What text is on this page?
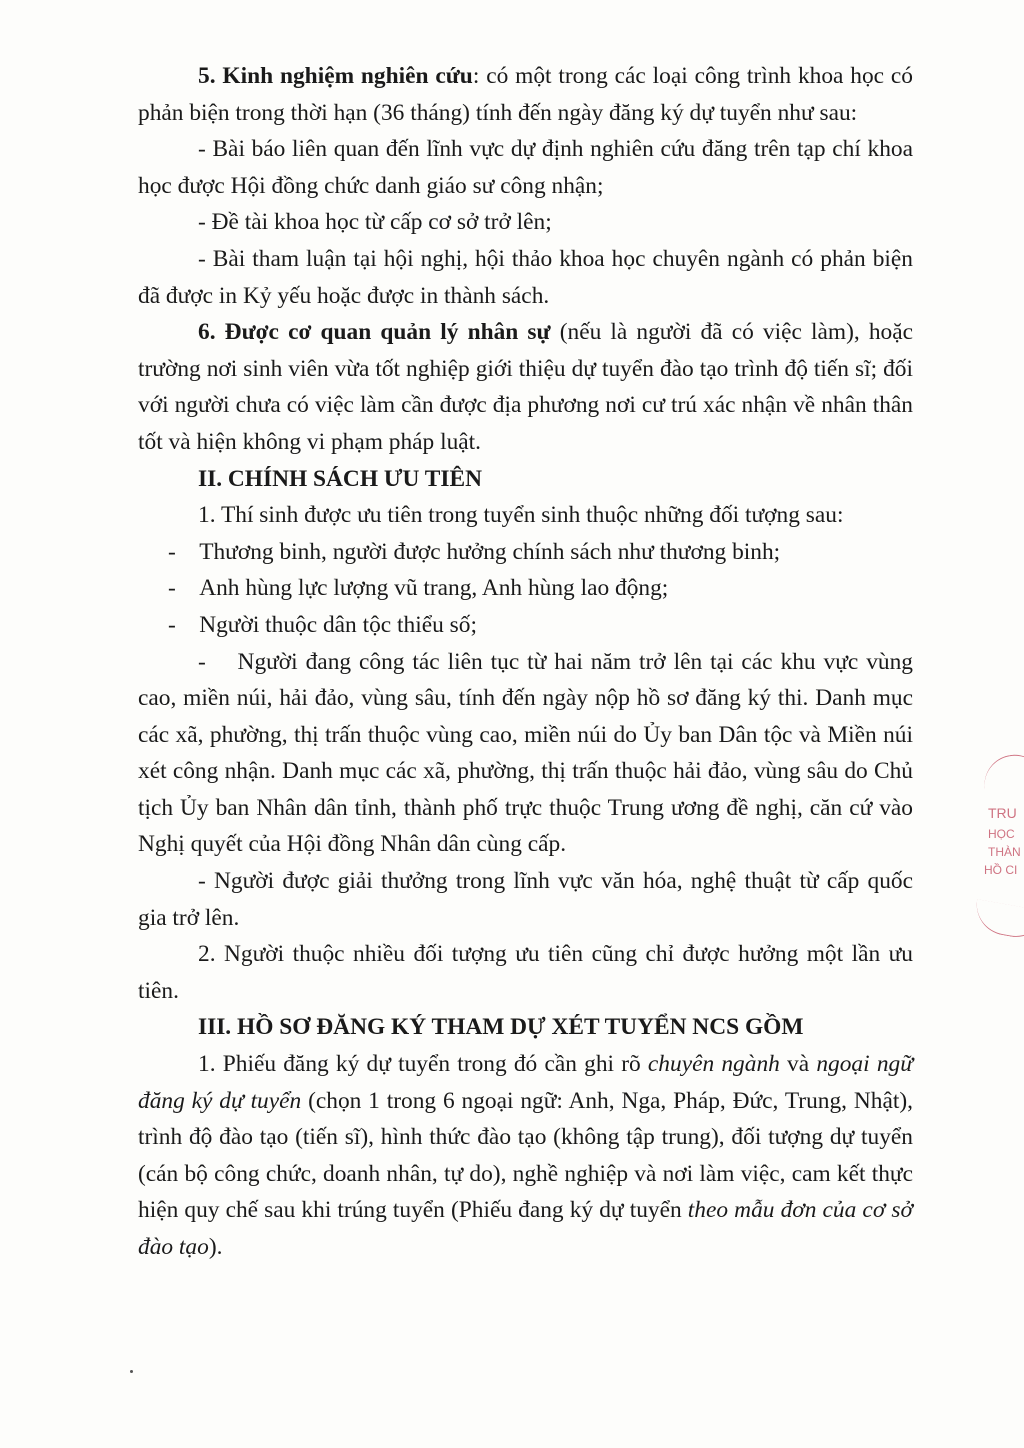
5. Kinh nghiệm nghiên cứu: có một trong các loại công trình khoa học có phản biện trong thời hạn (36 tháng) tính đến ngày đăng ký dự tuyển như sau:

- Bài báo liên quan đến lĩnh vực dự định nghiên cứu đăng trên tạp chí khoa học được Hội đồng chức danh giáo sư công nhận;

- Đề tài khoa học từ cấp cơ sở trở lên;

- Bài tham luận tại hội nghị, hội thảo khoa học chuyên ngành có phản biện đã được in Kỷ yếu hoặc được in thành sách.

6. Được cơ quan quản lý nhân sự (nếu là người đã có việc làm), hoặc trường nơi sinh viên vừa tốt nghiệp giới thiệu dự tuyển đào tạo trình độ tiến sĩ; đối với người chưa có việc làm cần được địa phương nơi cư trú xác nhận về nhân thân tốt và hiện không vi phạm pháp luật.

II. CHÍNH SÁCH ƯU TIÊN

1. Thí sinh được ưu tiên trong tuyển sinh thuộc những đối tượng sau:

-    Thương binh, người được hưởng chính sách như thương binh;

-    Anh hùng lực lượng vũ trang, Anh hùng lao động;

-    Người thuộc dân tộc thiểu số;

-    Người đang công tác liên tục từ hai năm trở lên tại các khu vực vùng cao, miền núi, hải đảo, vùng sâu, tính đến ngày nộp hồ sơ đăng ký thi. Danh mục các xã, phường, thị trấn thuộc vùng cao, miền núi do Ủy ban Dân tộc và Miền núi xét công nhận. Danh mục các xã, phường, thị trấn thuộc hải đảo, vùng sâu do Chủ tịch Ủy ban Nhân dân tỉnh, thành phố trực thuộc Trung ương đề nghị, căn cứ vào Nghị quyết của Hội đồng Nhân dân cùng cấp.

- Người được giải thưởng trong lĩnh vực văn hóa, nghệ thuật từ cấp quốc gia trở lên.

2. Người thuộc nhiều đối tượng ưu tiên cũng chỉ được hưởng một lần ưu tiên.

III. HỒ SƠ ĐĂNG KÝ THAM DỰ XÉT TUYỂN NCS GỒM

1. Phiếu đăng ký dự tuyển trong đó cần ghi rõ chuyên ngành và ngoại ngữ đăng ký dự tuyển (chọn 1 trong 6 ngoại ngữ: Anh, Nga, Pháp, Đức, Trung, Nhật), trình độ đào tạo (tiến sĩ), hình thức đào tạo (không tập trung), đối tượng dự tuyển (cán bộ công chức, doanh nhân, tự do), nghề nghiệp và nơi làm việc, cam kết thực hiện quy chế sau khi trúng tuyển (Phiếu đang ký dự tuyển theo mẫu đơn của cơ sở đào tạo).

TRU
HỌC
THÀN
HỒ CI
